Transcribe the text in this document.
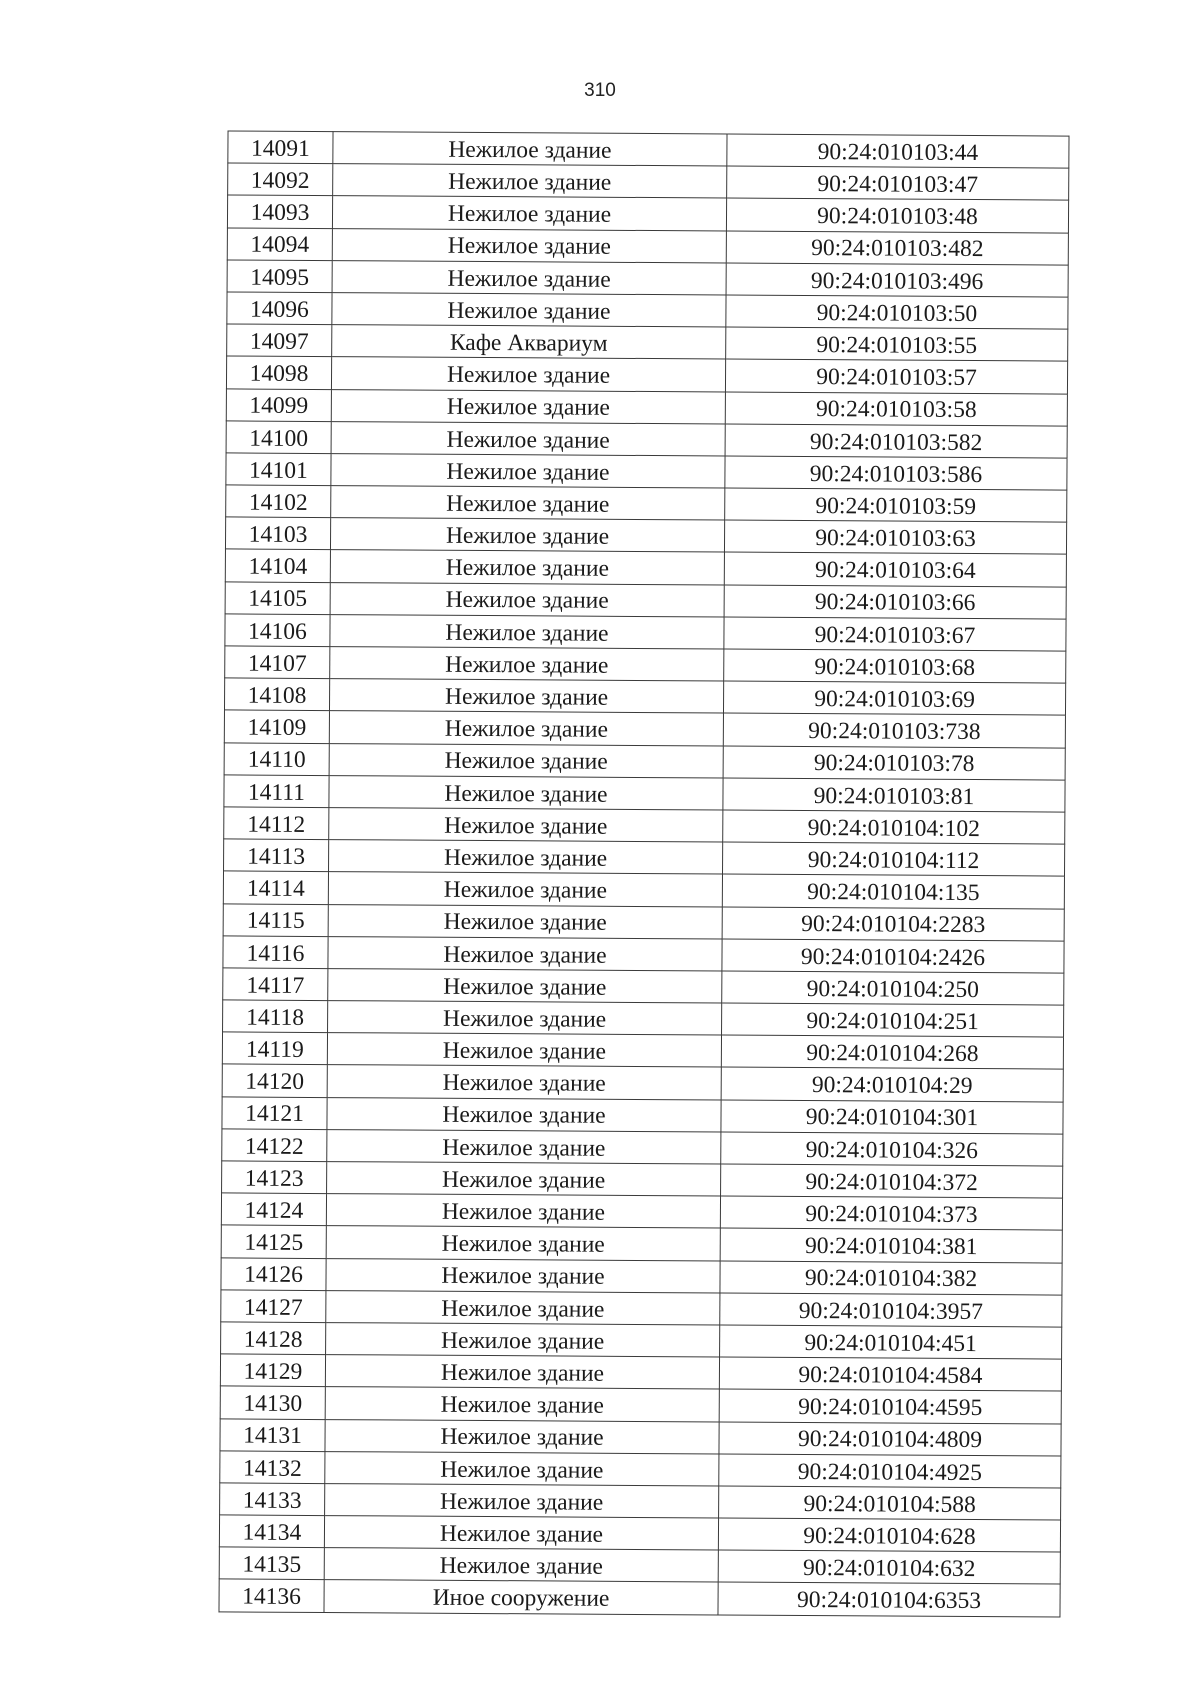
310
14091	Нежилое здание	90:24:010103:44
14092	Нежилое здание	90:24:010103:47
14093	Нежилое здание	90:24:010103:48
14094	Нежилое здание	90:24:010103:482
14095	Нежилое здание	90:24:010103:496
14096	Нежилое здание	90:24:010103:50
14097	Кафе Аквариум	90:24:010103:55
14098	Нежилое здание	90:24:010103:57
14099	Нежилое здание	90:24:010103:58
14100	Нежилое здание	90:24:010103:582
14101	Нежилое здание	90:24:010103:586
14102	Нежилое здание	90:24:010103:59
14103	Нежилое здание	90:24:010103:63
14104	Нежилое здание	90:24:010103:64
14105	Нежилое здание	90:24:010103:66
14106	Нежилое здание	90:24:010103:67
14107	Нежилое здание	90:24:010103:68
14108	Нежилое здание	90:24:010103:69
14109	Нежилое здание	90:24:010103:738
14110	Нежилое здание	90:24:010103:78
14111	Нежилое здание	90:24:010103:81
14112	Нежилое здание	90:24:010104:102
14113	Нежилое здание	90:24:010104:112
14114	Нежилое здание	90:24:010104:135
14115	Нежилое здание	90:24:010104:2283
14116	Нежилое здание	90:24:010104:2426
14117	Нежилое здание	90:24:010104:250
14118	Нежилое здание	90:24:010104:251
14119	Нежилое здание	90:24:010104:268
14120	Нежилое здание	90:24:010104:29
14121	Нежилое здание	90:24:010104:301
14122	Нежилое здание	90:24:010104:326
14123	Нежилое здание	90:24:010104:372
14124	Нежилое здание	90:24:010104:373
14125	Нежилое здание	90:24:010104:381
14126	Нежилое здание	90:24:010104:382
14127	Нежилое здание	90:24:010104:3957
14128	Нежилое здание	90:24:010104:451
14129	Нежилое здание	90:24:010104:4584
14130	Нежилое здание	90:24:010104:4595
14131	Нежилое здание	90:24:010104:4809
14132	Нежилое здание	90:24:010104:4925
14133	Нежилое здание	90:24:010104:588
14134	Нежилое здание	90:24:010104:628
14135	Нежилое здание	90:24:010104:632
14136	Иное сооружение	90:24:010104:6353
